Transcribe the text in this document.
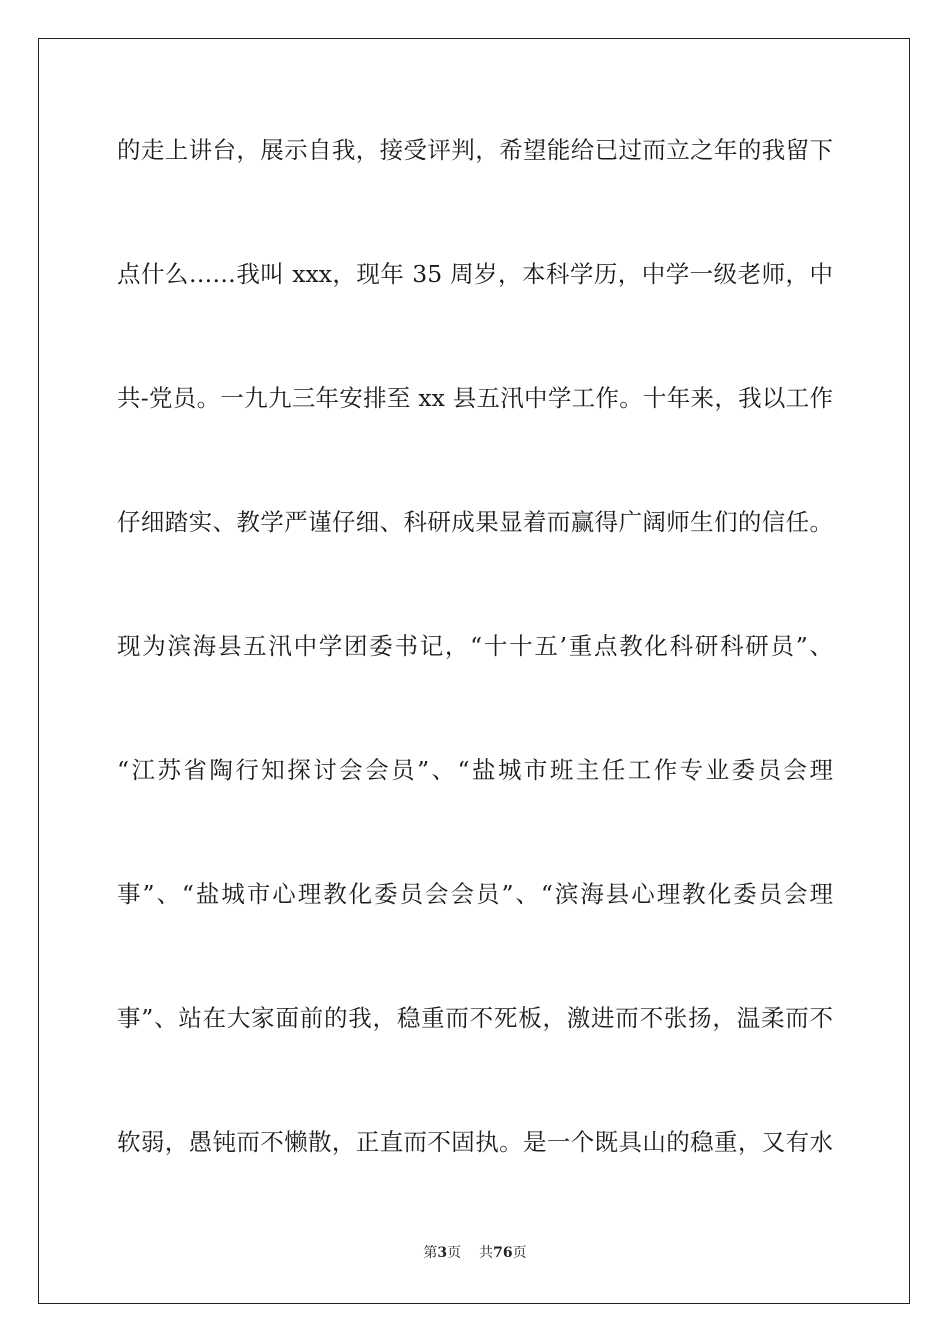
的走上讲台，展示自我，接受评判，希望能给已过而立之年的我留下
点什么……我叫 xxx，现年 35 周岁，本科学历，中学一级老师，中
共-党员。一九九三年安排至 xx 县五汛中学工作。十年来，我以工作
仔细踏实、教学严谨仔细、科研成果显着而赢得广阔师生们的信任。
现为滨海县五汛中学团委书记，“十十五’重点教化科研科研员”、
“江苏省陶行知探讨会会员”、“盐城市班主任工作专业委员会理
事”、“盐城市心理教化委员会会员”、“滨海县心理教化委员会理
事”、站在大家面前的我，稳重而不死板，激进而不张扬，温柔而不
软弱，愚钝而不懒散，正直而不固执。是一个既具山的稳重，又有水
第3页 共76页
